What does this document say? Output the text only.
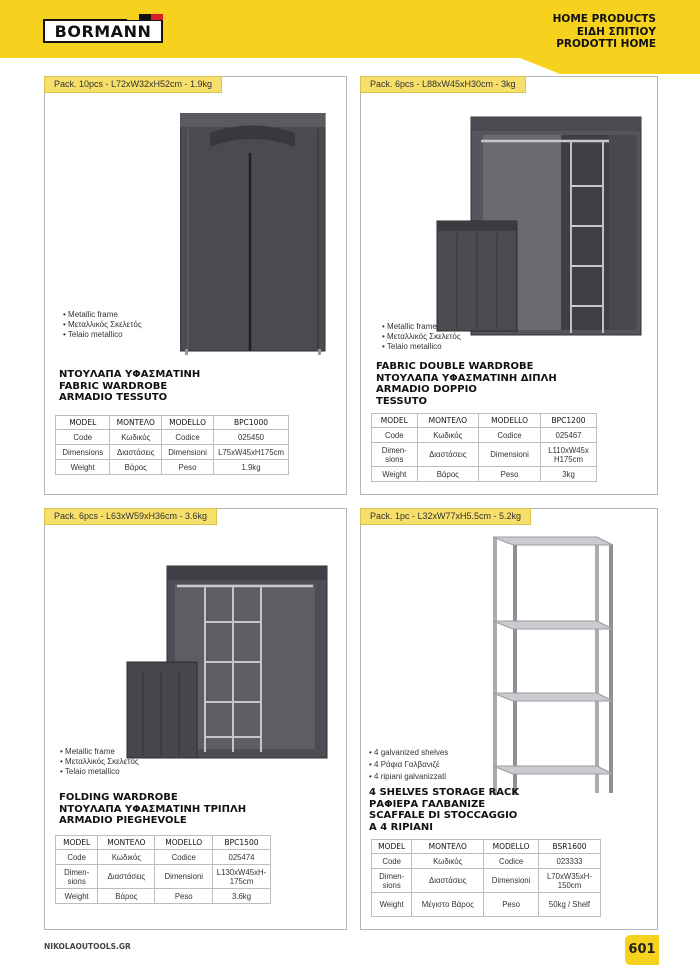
BORMANN
HOME PRODUCTS
ΕΙΔΗ ΣΠΙΤΙΟΥ
PRODOTTI HOME
Pack. 10pcs - L72xW32xH52cm - 1.9kg
• Metallic frame
• Μεταλλικός Σκελετός
• Telaio metallico
ΝΤΟΥΛΑΠΑ ΥΦΑΣΜΑΤΙΝΗ
FABRIC WARDROBE
ARMADIO TESSUTO
MODEL	ΜΟΝΤΕΛΟ	MODELLO	BPC1000
Code	Κωδικός	Codice	025450
Dimensions	Διαστάσεις	Dimensioni	L75xW45xH175cm
Weight	Βάρος	Peso	1.9kg
Pack. 6pcs - L88xW45xH30cm - 3kg
• Metallic frame
• Μεταλλικός Σκελετός
• Telaio metallico
FABRIC DOUBLE WARDROBE
ΝΤΟΥΛΑΠΑ ΥΦΑΣΜΑΤΙΝΗ ΔΙΠΛΗ
ARMADIO DOPPIO
TESSUTO
MODEL	ΜΟΝΤΕΛΟ	MODELLO	BPC1200
Code	Κωδικός	Codice	025467
Dimen-
sions	Διαστάσεις	Dimensioni	L110xW45x H175cm
Weight	Βάρος	Peso	3kg
Pack. 6pcs - L63xW59xH36cm - 3.6kg
• Metallic frame
• Μεταλλικός Σκελετός
• Telaio metallico
FOLDING WARDROBE
ΝΤΟΥΛΑΠΑ ΥΦΑΣΜΑΤΙΝΗ ΤΡΙΠΛΗ
ARMADIO PIEGHEVOLE
MODEL	ΜΟΝΤΕΛΟ	MODELLO	BPC1500
Code	Κωδικός	Codice	025474
Dimen-
sions	Διαστάσεις	Dimensioni	L130xW45xH-175cm
Weight	Βάρος	Peso	3.6kg
Pack. 1pc - L32xW77xH5.5cm - 5.2kg
• 4 galvanized shelves
• 4 Ράφια Γαλβανιζέ
• 4 ripiani galvanizzati
4 SHELVES STORAGE RACK
ΡΑΦΙΕΡΑ ΓΑΛΒΑΝΙΖΕ
SCAFFALE DI STOCCAGGIO
A 4 RIPIANI
MODEL	ΜΟΝΤΕΛΟ	MODELLO	BSR1600
Code	Κωδικός	Codice	023333
Dimen-
sions	Διαστάσεις	Dimensioni	L70xW35xH-150cm
Weight	Μέγιστο Βάρος	Peso	50kg / Shelf
NIKOLAOUTOOLS.GR	601
